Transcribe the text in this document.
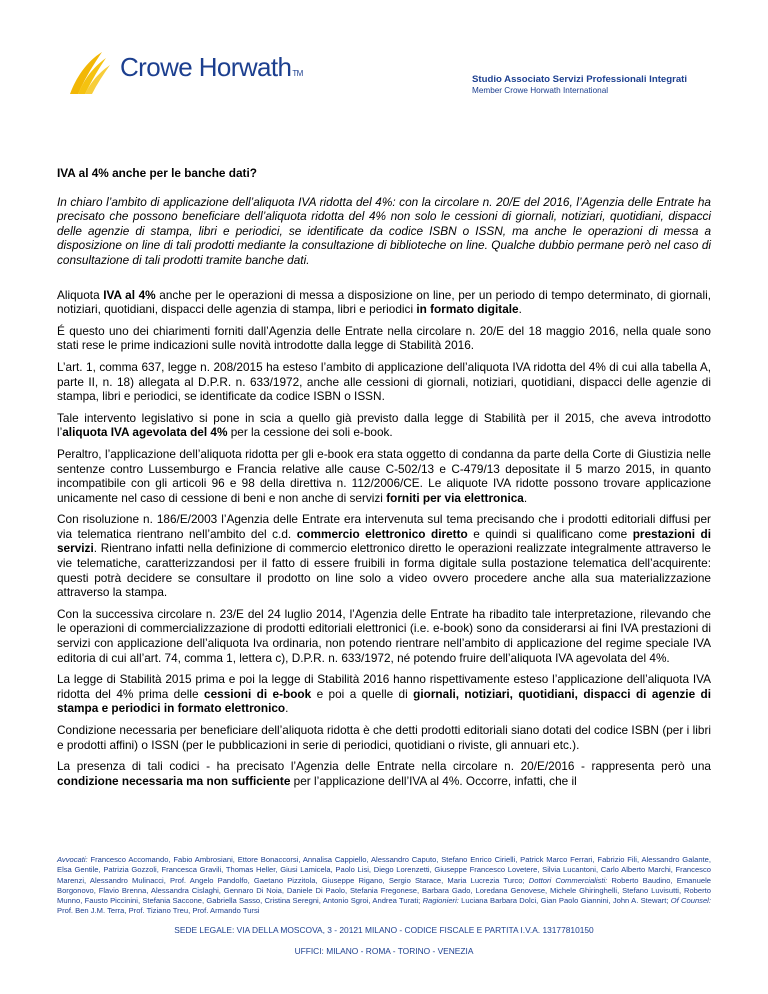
Crowe HorwathTM
Studio Associato Servizi Professionali Integrati
Member Crowe Horwath International
IVA al 4% anche per le banche dati?
In chiaro l’ambito di applicazione dell’aliquota IVA ridotta del 4%: con la circolare n. 20/E del 2016, l’Agenzia delle Entrate ha precisato che possono beneficiare dell’aliquota ridotta del 4% non solo le cessioni di giornali, notiziari, quotidiani, dispacci delle agenzie di stampa, libri e periodici, se identificate da codice ISBN o ISSN, ma anche le operazioni di messa a disposizione on line di tali prodotti mediante la consultazione di biblioteche on line. Qualche dubbio permane però nel caso di consultazione di tali prodotti tramite banche dati.

Aliquota IVA al 4% anche per le operazioni di messa a disposizione on line, per un periodo di tempo determinato, di giornali, notiziari, quotidiani, dispacci delle agenzia di stampa, libri e periodici in formato digitale.

É questo uno dei chiarimenti forniti dall’Agenzia delle Entrate nella circolare n. 20/E del 18 maggio 2016, nella quale sono stati rese le prime indicazioni sulle novità introdotte dalla legge di Stabilità 2016.

L’art. 1, comma 637, legge n. 208/2015 ha esteso l’ambito di applicazione dell’aliquota IVA ridotta del 4% di cui alla tabella A, parte II, n. 18) allegata al D.P.R. n. 633/1972, anche alle cessioni di giornali, notiziari, quotidiani, dispacci delle agenzie di stampa, libri e periodici, se identificate da codice ISBN o ISSN.

Tale intervento legislativo si pone in scia a quello già previsto dalla legge di Stabilità per il 2015, che aveva introdotto l’aliquota IVA agevolata del 4% per la cessione dei soli e-book.

Peraltro, l’applicazione dell’aliquota ridotta per gli e-book era stata oggetto di condanna da parte della Corte di Giustizia nelle sentenze contro Lussemburgo e Francia relative alle cause C-502/13 e C-479/13 depositate il 5 marzo 2015, in quanto incompatibile con gli articoli 96 e 98 della direttiva n. 112/2006/CE. Le aliquote IVA ridotte possono trovare applicazione unicamente nel caso di cessione di beni e non anche di servizi forniti per via elettronica.

Con risoluzione n. 186/E/2003 l’Agenzia delle Entrate era intervenuta sul tema precisando che i prodotti editoriali diffusi per via telematica rientrano nell’ambito del c.d. commercio elettronico diretto e quindi si qualificano come prestazioni di servizi. Rientrano infatti nella definizione di commercio elettronico diretto le operazioni realizzate integralmente attraverso le vie telematiche, caratterizzandosi per il fatto di essere fruibili in forma digitale sulla postazione telematica dell’acquirente: questi potrà decidere se consultare il prodotto on line solo a video ovvero procedere anche alla sua materializzazione attraverso la stampa.

Con la successiva circolare n. 23/E del 24 luglio 2014, l’Agenzia delle Entrate ha ribadito tale interpretazione, rilevando che le operazioni di commercializzazione di prodotti editoriali elettronici (i.e. e-book) sono da considerarsi ai fini IVA prestazioni di servizi con applicazione dell’aliquota Iva ordinaria, non potendo rientrare nell’ambito di applicazione del regime speciale IVA editoria di cui all’art. 74, comma 1, lettera c), D.P.R. n. 633/1972, né potendo fruire dell’aliquota IVA agevolata del 4%.

La legge di Stabilità 2015 prima e poi la legge di Stabilità 2016 hanno rispettivamente esteso l’applicazione dell’aliquota IVA ridotta del 4% prima delle cessioni di e-book e poi a quelle di giornali, notiziari, quotidiani, dispacci di agenzie di stampa e periodici in formato elettronico.

Condizione necessaria per beneficiare dell’aliquota ridotta è che detti prodotti editoriali siano dotati del codice ISBN (per i libri e prodotti affini) o ISSN (per le pubblicazioni in serie di periodici, quotidiani o riviste, gli annuari etc.).

La presenza di tali codici - ha precisato l’Agenzia delle Entrate nella circolare n. 20/E/2016 - rappresenta però una condizione necessaria ma non sufficiente per l’applicazione dell’IVA al 4%. Occorre, infatti, che il

Avvocati: Francesco Accomando, Fabio Ambrosiani, Ettore Bonaccorsi, Annalisa Cappiello, Alessandro Caputo, Stefano Enrico Cirielli, Patrick Marco Ferrari, Fabrizio Fili, Alessandro Galante, Elsa Gentile, Patrizia Gozzoli, Francesca Gravili, Thomas Heller, Giusi Lamicela, Paolo Lisi, Diego Lorenzetti, Giuseppe Francesco Lovetere, Silvia Lucantoni, Carlo Alberto Marchi, Francesco Marenzi, Alessandro Mulinacci, Prof. Angelo Pandolfo, Gaetano Pizzitola, Giuseppe Rigano, Sergio Starace, Maria Lucrezia Turco; Dottori Commercialisti: Roberto Baudino, Emanuele Borgonovo, Flavio Brenna, Alessandra Cislaghi, Gennaro Di Noia, Daniele Di Paolo, Stefania Fregonese, Barbara Gado, Loredana Genovese, Michele Ghiringhelli, Stefano Luvisutti, Roberto Munno, Fausto Piccinini, Stefania Saccone, Gabriella Sasso, Cristina Seregni, Antonio Sgroi, Andrea Turati; Ragionieri: Luciana Barbara Dolci, Gian Paolo Giannini, John A. Stewart; Of Counsel: Prof. Ben J.M. Terra, Prof. Tiziano Treu, Prof. Armando Tursi
SEDE LEGALE: VIA DELLA MOSCOVA, 3 - 20121 MILANO - CODICE FISCALE E PARTITA I.V.A. 13177810150
UFFICI: MILANO - ROMA - TORINO - VENEZIA
